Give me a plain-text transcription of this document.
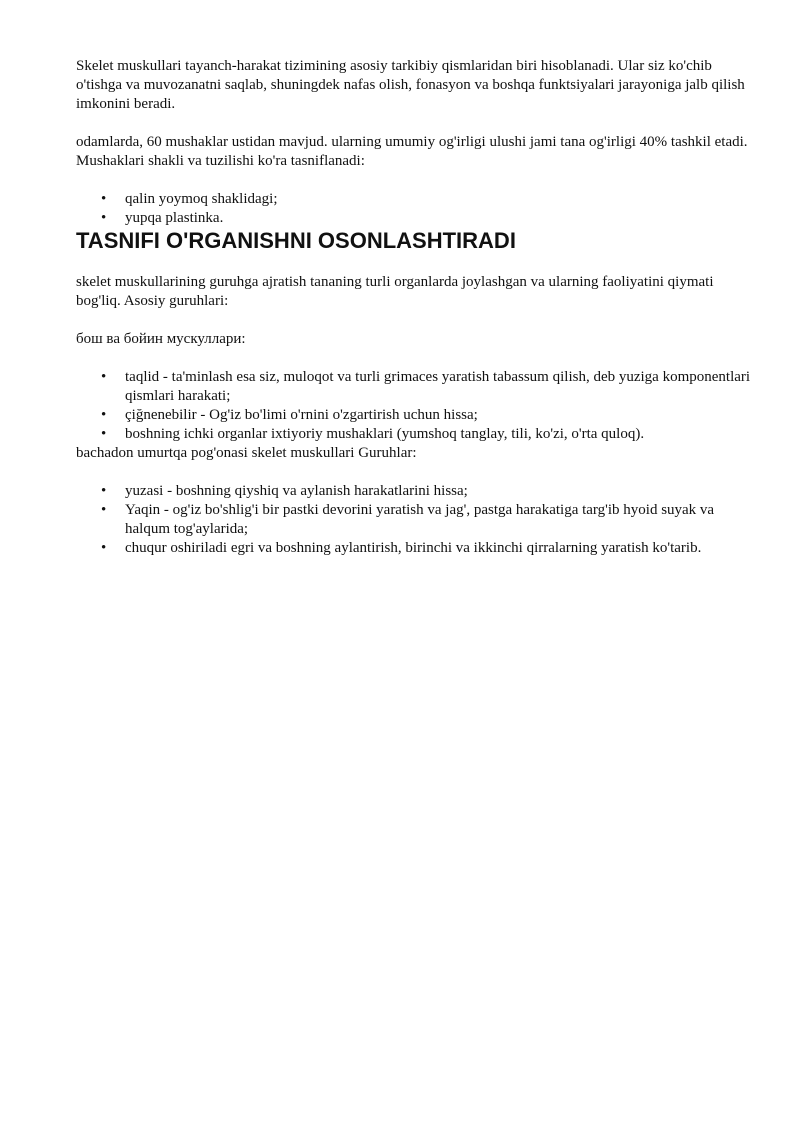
Skelet muskullari tayanch-harakat tizimining asosiy tarkibiy qismlaridan biri hisoblanadi. Ular siz ko'chib o'tishga va muvozanatni saqlab, shuningdek nafas olish, fonasyon va boshqa funktsiyalari jarayoniga jalb qilish imkonini beradi.

odamlarda, 60 mushaklar ustidan mavjud. ularning umumiy og'irligi ulushi jami tana og'irligi 40% tashkil etadi. Mushaklari shakli va tuzilishi ko'ra tasniflanadi:

• qalin yoymoq shaklidagi;
• yupqa plastinka.
TASNIFI O'RGANISHNI OSONLASHTIRADI

skelet muskullarining guruhga ajratish tananing turli organlarda joylashgan va ularning faoliyatini qiymati bog'liq. Asosiy guruhlari:

бош ва бойин мускуллари:

• taqlid - ta'minlash esa siz, muloqot va turli grimaces yaratish tabassum qilish, deb yuziga komponentlari qismlari harakati;
• çiğnenebilir - Og'iz bo'limi o'rnini o'zgartirish uchun hissa;
• boshning ichki organlar ixtiyoriy mushaklari (yumshoq tanglay, tili, ko'zi, o'rta quloq).

bachadon umurtqa pog'onasi skelet muskullari Guruhlar:

• yuzasi - boshning qiyshiq va aylanish harakatlarini hissa;
• Yaqin - og'iz bo'shlig'i bir pastki devorini yaratish va jag', pastga harakatiga targ'ib hyoid suyak va halqum tog'aylarida;
• chuqur oshiriladi egri va boshning aylantirish, birinchi va ikkinchi qirralarning yaratish ko'tarib.
